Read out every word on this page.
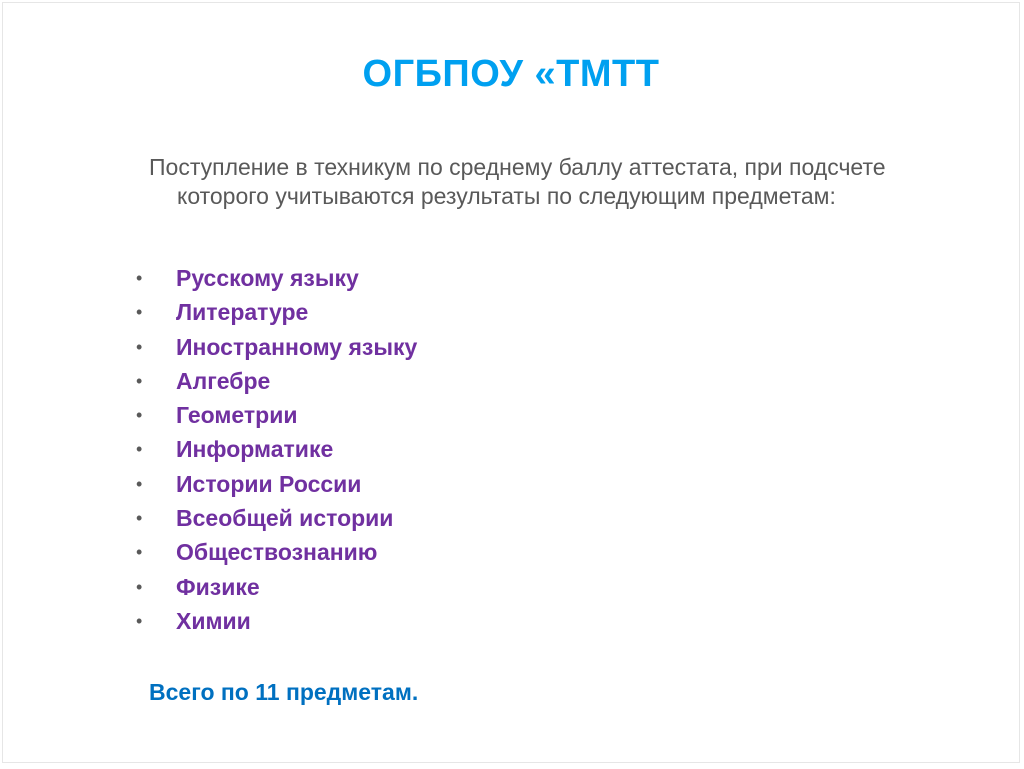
ОГБПОУ «ТМТТ
Поступление в техникум по среднему баллу аттестата, при подсчете которого учитываются результаты по следующим предметам:
• Русскому языку
• Литературе
• Иностранному языку
• Алгебре
• Геометрии
• Информатике
• Истории России
• Всеобщей истории
• Обществознанию
• Физике
• Химии
Всего по 11 предметам.
